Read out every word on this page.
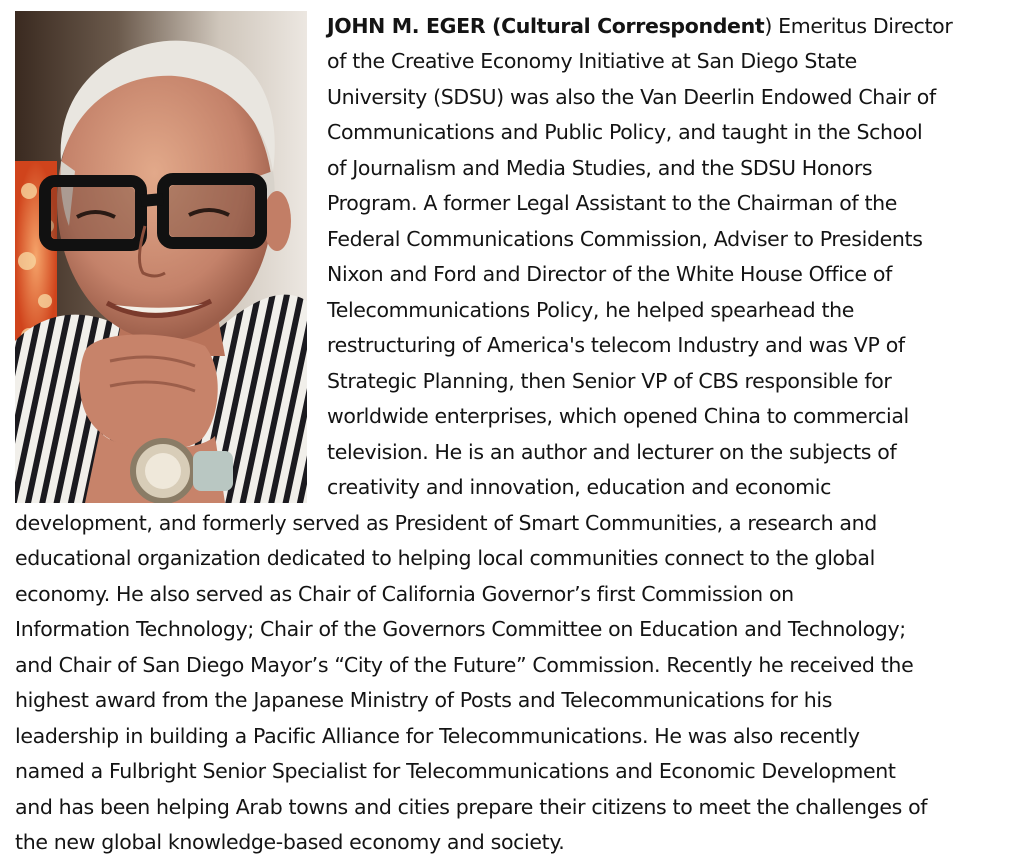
JOHN M. EGER (Cultural Correspondent) Emeritus Director
of the Creative Economy Initiative at San Diego State
University (SDSU) was also the Van Deerlin Endowed Chair of
Communications and Public Policy, and taught in the School
of Journalism and Media Studies, and the SDSU Honors
Program. A former Legal Assistant to the Chairman of the
Federal Communications Commission, Adviser to Presidents
Nixon and Ford and Director of the White House Office of
Telecommunications Policy, he helped spearhead the
restructuring of America's telecom Industry and was VP of
Strategic Planning, then Senior VP of CBS responsible for
worldwide enterprises, which opened China to commercial
television. He is an author and lecturer on the subjects of
creativity and innovation, education and economic
development, and formerly served as President of Smart Communities, a research and
educational organization dedicated to helping local communities connect to the global
economy. He also served as Chair of California Governor’s first Commission on
Information Technology; Chair of the Governors Committee on Education and Technology;
and Chair of San Diego Mayor’s “City of the Future” Commission. Recently he received the
highest award from the Japanese Ministry of Posts and Telecommunications for his
leadership in building a Pacific Alliance for Telecommunications. He was also recently
named a Fulbright Senior Specialist for Telecommunications and Economic Development
and has been helping Arab towns and cities prepare their citizens to meet the challenges of
the new global knowledge-based economy and society.
